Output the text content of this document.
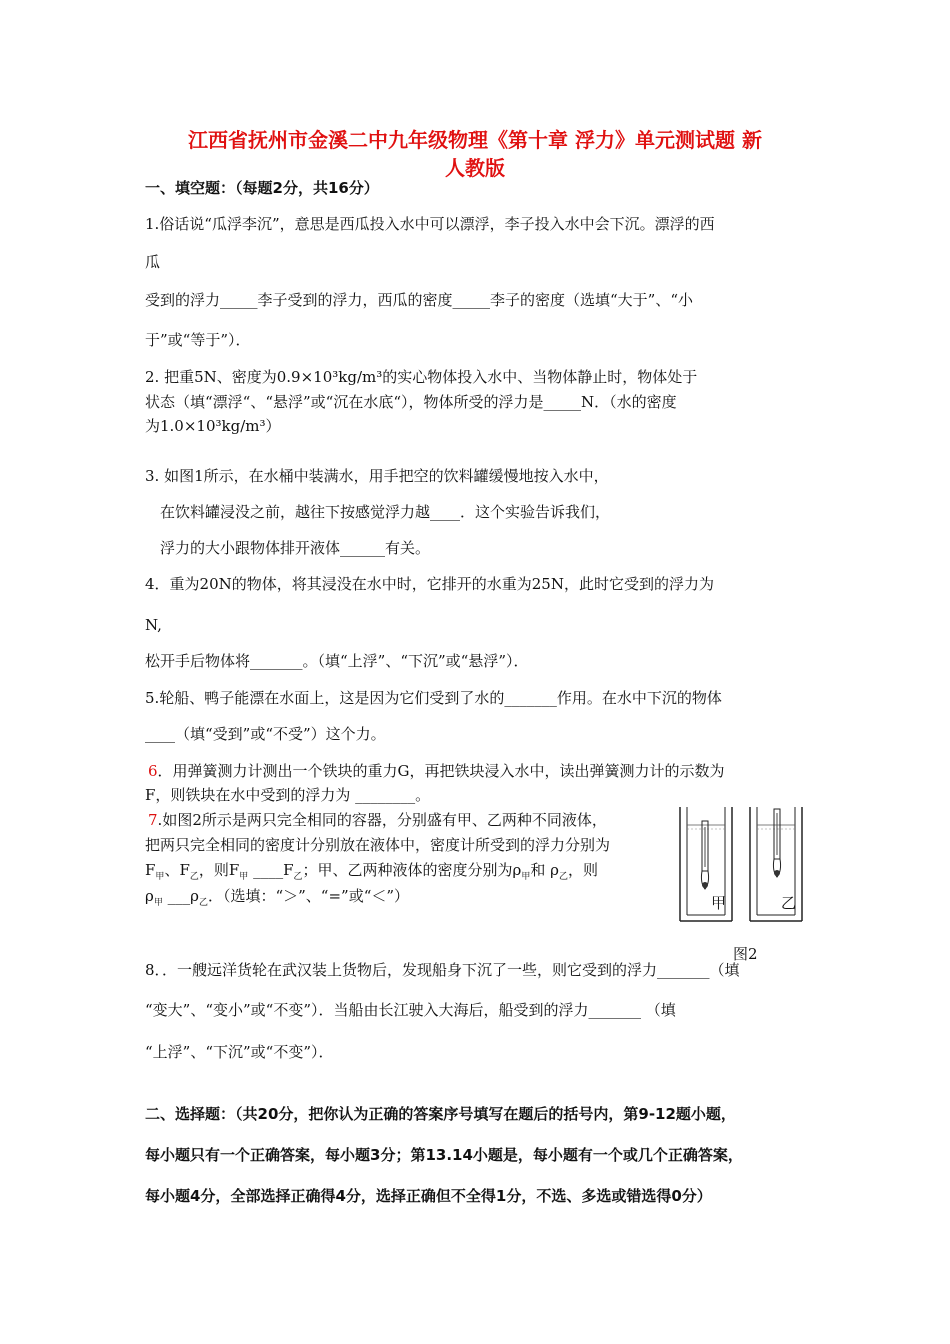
江西省抚州市金溪二中九年级物理《第十章 浮力》单元测试题 新
人教版
一、填空题：（每题2分，共16分）
1.俗话说“瓜浮李沉”，意思是西瓜投入水中可以漂浮，李子投入水中会下沉。漂浮的西
瓜
受到的浮力_____李子受到的浮力，西瓜的密度_____李子的密度（选填“大于”、“小
于”或“等于”）．
2. 把重5N、密度为0.9×10³kg/m³的实心物体投入水中、当物体静止时，物体处于
状态（填“漂浮“、“悬浮”或“沉在水底“），物体所受的浮力是_____N．（水的密度
为1.0×10³kg/m³）
3. 如图1所示，在水桶中装满水，用手把空的饮料罐缓慢地按入水中，
在饮料罐浸没之前，越往下按感觉浮力越____．这个实验告诉我们，
浮力的大小跟物体排开液体______有关。
4．重为20N的物体，将其浸没在水中时，它排开的水重为25N，此时它受到的浮力为
N,
松开手后物体将_______。（填“上浮”、“下沉”或“悬浮”）．
5.轮船、鸭子能漂在水面上，这是因为它们受到了水的_______作用。在水中下沉的物体
____（填“受到”或“不受”）这个力。
6．用弹簧测力计测出一个铁块的重力G，再把铁块浸入水中，读出弹簧测力计的示数为
F，则铁块在水中受到的浮力为 ________。
7.如图2所示是两只完全相同的容器，分别盛有甲、乙两种不同液体，
把两只完全相同的密度计分别放在液体中，密度计所受到的浮力分别为
$F_甲$、$F_乙$，则$F_甲$ $\_\_\_\_F_乙$；甲、乙两种液体的密度分别为$\rho_甲$和 $\rho_乙$，则
$\rho_甲$ $\_\_\_\rho_乙$．（选填：“＞”、“=”或“＜”）	甲	乙
图2
8．．一艘远洋货轮在武汉装上货物后，发现船身下沉了一些，则它受到的浮力_______（填
“变大”、“变小”或“不变”）．当船由长江驶入大海后，船受到的浮力_______ （填
“上浮”、“下沉”或“不变”）．
二、选择题：（共20分，把你认为正确的答案序号填写在题后的括号内，第9-12题小题，
每小题只有一个正确答案，每小题3分；第13.14小题是，每小题有一个或几个正确答案，
每小题4分，全部选择正确得4分，选择正确但不全得1分，不选、多选或错选得0分）
